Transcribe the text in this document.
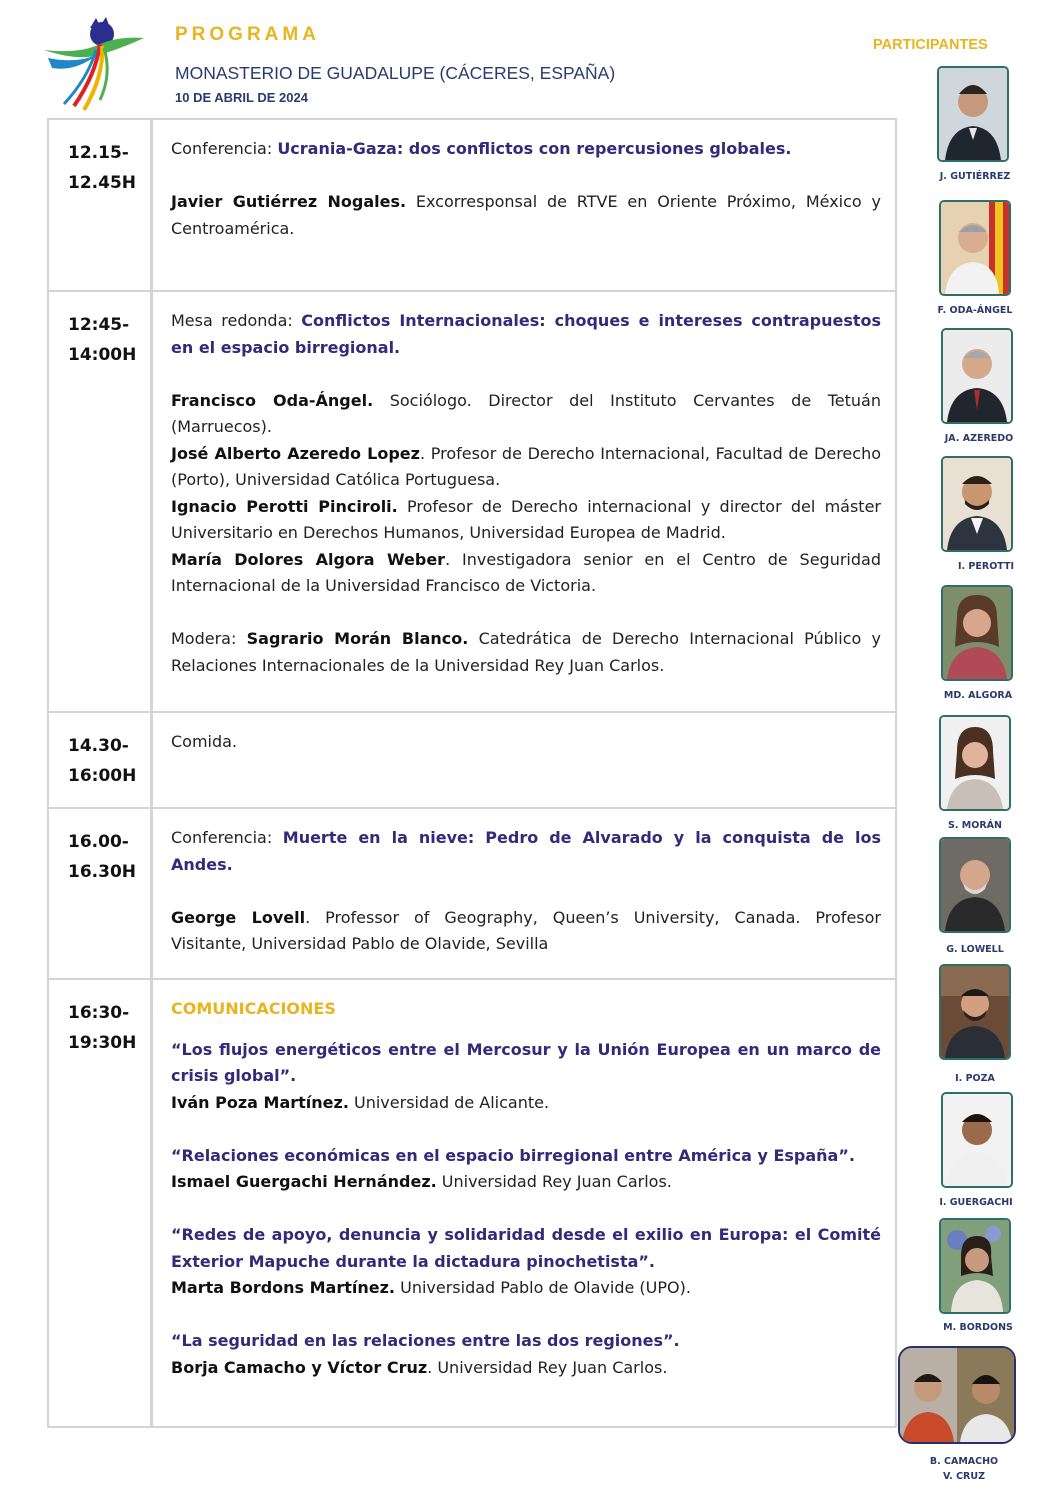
PROGRAMA
MONASTERIO DE GUADALUPE (CÁCERES, ESPAÑA)
10 DE ABRIL DE 2024
PARTICIPANTES
12.15-
12.45H

Conferencia: Ucrania-Gaza: dos conflictos con repercusiones globales.

Javier Gutiérrez Nogales. Excorresponsal de RTVE en Oriente Próximo, México y Centroamérica.

12:45-
14:00H

Mesa redonda: Conflictos Internacionales: choques e intereses contrapuestos en el espacio birregional.

Francisco Oda-Ángel. Sociólogo. Director del Instituto Cervantes de Tetuán (Marruecos).

José Alberto Azeredo Lopez. Profesor de Derecho Internacional, Facultad de Derecho (Porto), Universidad Católica Portuguesa.

Ignacio Perotti Pinciroli. Profesor de Derecho internacional y director del máster Universitario en Derechos Humanos, Universidad Europea de Madrid.

María Dolores Algora Weber. Investigadora senior en el Centro de Seguridad Internacional de la Universidad Francisco de Victoria.

Modera: Sagrario Morán Blanco. Catedrática de Derecho Internacional Público y Relaciones Internacionales de la Universidad Rey Juan Carlos.

14.30-
16:00H

Comida.

16.00-
16.30H

Conferencia: Muerte en la nieve: Pedro de Alvarado y la conquista de los Andes.

George Lovell. Professor of Geography, Queen’s University, Canada. Profesor Visitante, Universidad Pablo de Olavide, Sevilla

16:30-
19:30H

COMUNICACIONES

“Los flujos energéticos entre el Mercosur y la Unión Europea en un marco de crisis global”.

Iván Poza Martínez. Universidad de Alicante.

“Relaciones económicas en el espacio birregional entre América y España”.

Ismael Guergachi Hernández. Universidad Rey Juan Carlos.

“Redes de apoyo, denuncia y solidaridad desde el exilio en Europa: el Comité Exterior Mapuche durante la dictadura pinochetista”.

Marta Bordons Martínez. Universidad Pablo de Olavide (UPO).

“La seguridad en las relaciones entre las dos regiones”.

Borja Camacho y Víctor Cruz. Universidad Rey Juan Carlos.

J. GUTIÉRREZ
F. ODA-ÁNGEL
JA. AZEREDO
I. PEROTTI
MD. ALGORA
S. MORÁN
G. LOWELL
I. POZA
I. GUERGACHI
M. BORDONS
B. CAMACHO
V. CRUZ
